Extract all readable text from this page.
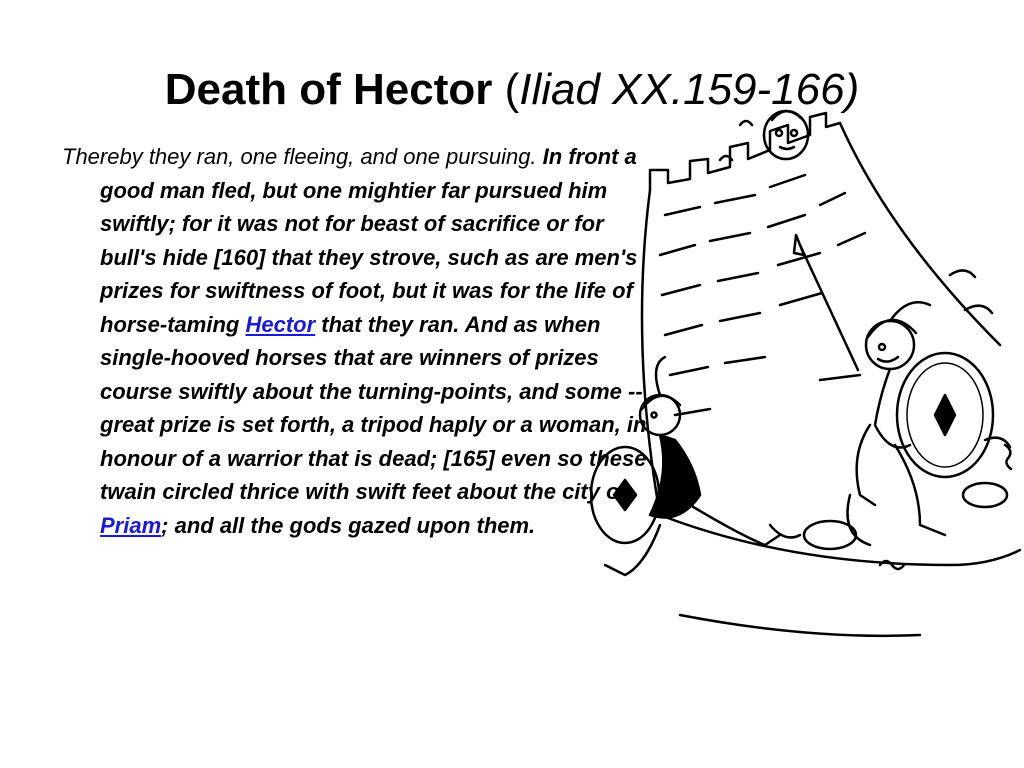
Death of Hector (Iliad XX.159-166)

Thereby they ran, one fleeing, and one pursuing. In front a good man fled, but one mightier far pursued him swiftly; for it was not for beast of sacrifice or for bull's hide [160] that they strove, such as are men's prizes for swiftness of foot, but it was for the life of horse-taming Hector that they ran. And as when single-hooved horses that are winners of prizes course swiftly about the turning-points, and some -- great prize is set forth, a tripod haply or a woman, in honour of a warrior that is dead; [165] even so these twain circled thrice with swift feet about the city of Priam; and all the gods gazed upon them.
